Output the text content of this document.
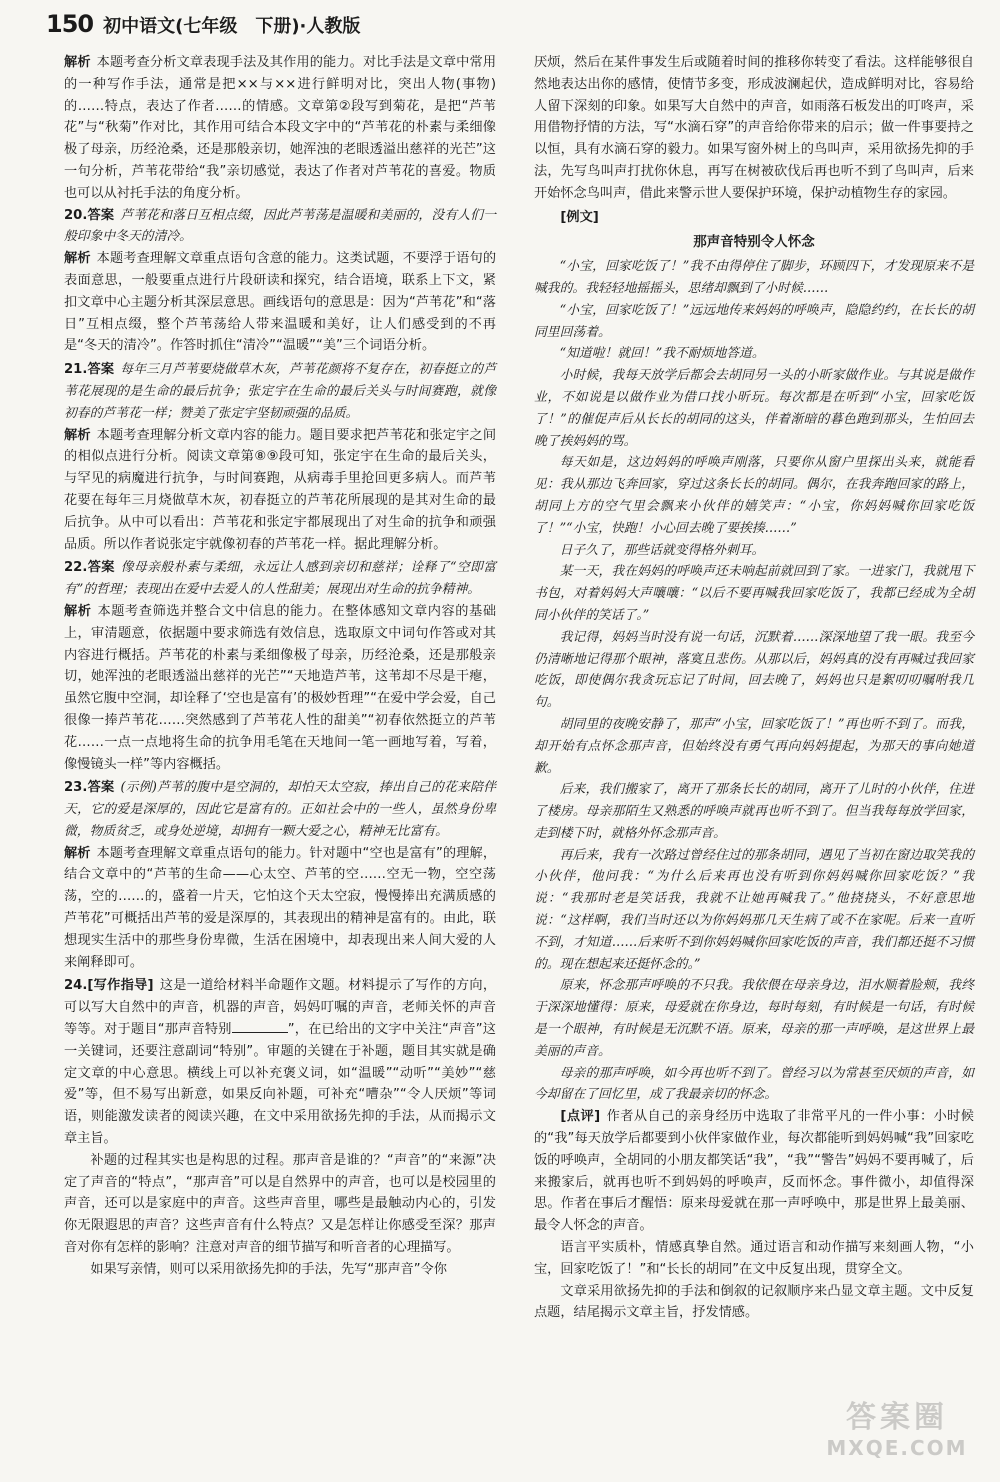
150 初中语文(七年级　下册)·人教版

解析 本题考查分析文章表现手法及其作用的能力。对比手法是文章中常用的一种写作手法，通常是把××与××进行鲜明对比，突出人物(事物)的……特点，表达了作者……的情感。文章第②段写到菊花，是把“芦苇花”与“秋菊”作对比，其作用可结合本段文字中的“芦苇花的朴素与柔细像极了母亲，历经沧桑，还是那般亲切，她浑浊的老眼透溢出慈祥的光芒”这一句分析，芦苇花带给“我”亲切感觉，表达了作者对芦苇花的喜爱。物质也可以从衬托手法的角度分析。

20.答案 芦苇花和落日互相点缀，因此芦苇荡是温暖和美丽的，没有人们一般印象中冬天的清冷。

解析 本题考查理解文章重点语句含意的能力。这类试题，不要浮于语句的表面意思，一般要重点进行片段研读和探究，结合语境，联系上下文，紧扣文章中心主题分析其深层意思。画线语句的意思是：因为“芦苇花”和“落日”互相点缀，整个芦苇荡给人带来温暖和美好，让人们感受到的不再是“冬天的清冷”。作答时抓住“清冷”“温暖”“美”三个词语分析。

21.答案 每年三月芦苇要烧做草木灰，芦苇花颜将不复存在，初春挺立的芦苇花展现的是生命的最后抗争；张定宇在生命的最后关头与时间赛跑，就像初春的芦苇花一样；赞美了张定宇坚韧顽强的品质。

解析 本题考查理解分析文章内容的能力。题目要求把芦苇花和张定宇之间的相似点进行分析。阅读文章第⑧⑨段可知，张定宇在生命的最后关头，与罕见的病魔进行抗争，与时间赛跑，从病毒手里抢回更多病人。而芦苇花要在每年三月烧做草木灰，初春挺立的芦苇花所展现的是其对生命的最后抗争。从中可以看出：芦苇花和张定宇都展现出了对生命的抗争和顽强品质。所以作者说张定宇就像初春的芦苇花一样。据此理解分析。

22.答案 像母亲般朴素与柔细，永远让人感到亲切和慈祥；诠释了“空即富有”的哲理；表现出在爱中去爱人的人性甜美；展现出对生命的抗争精神。

解析 本题考查筛选并整合文中信息的能力。在整体感知文章内容的基础上，审清题意，依据题中要求筛选有效信息，选取原文中词句作答或对其内容进行概括。芦苇花的朴素与柔细像极了母亲，历经沧桑，还是那般亲切，她浑浊的老眼透溢出慈祥的光芒”“天地造芦苇，这苇却不尽是干瘪，虽然它腹中空洞，却诠释了‘空也是富有’的极妙哲理”“在爱中学会爱，自己很像一捧芦苇花……突然感到了芦苇花人性的甜美”“初春依然挺立的芦苇花……一点一点地将生命的抗争用毛笔在天地间一笔一画地写着，写着，像慢镜头一样”等内容概括。

23.答案 (示例)芦苇的腹中是空洞的，却怕天太空寂，捧出自己的花来陪伴天，它的爱是深厚的，因此它是富有的。正如社会中的一些人，虽然身份卑微，物质贫乏，或身处逆境，却拥有一颗大爱之心，精神无比富有。

解析 本题考查理解文章重点语句的能力。针对题中“空也是富有”的理解，结合文章中的“芦苇的生命——心太空、芦苇的空……空无一物，空空荡荡，空的……的，盛着一片天，它怕这个天太空寂，慢慢捧出充满质感的芦苇花”可概括出芦苇的爱是深厚的，其表现出的精神是富有的。由此，联想现实生活中的那些身份卑微，生活在困境中，却表现出来人间大爱的人来阐释即可。

24.[写作指导] 这是一道给材料半命题作文题。材料提示了写作的方向，可以写大自然中的声音，机器的声音，妈妈叮嘱的声音，老师关怀的声音等等。对于题目“那声音特别	”，在已给出的文字中关注“声音”这一关键词，还要注意副词“特别”。审题的关键在于补题，题目其实就是确定文章的中心意思。横线上可以补充褒义词，如“温暖”“动听”“美妙”“慈爱”等，但不易写出新意，如果反向补题，可补充“嘈杂”“令人厌烦”等词语，则能激发读者的阅读兴趣，在文中采用欲扬先抑的手法，从而揭示文章主旨。

补题的过程其实也是构思的过程。那声音是谁的？“声音”的“来源”决定了声音的“特点”，“那声音”可以是自然界中的声音，也可以是校园里的声音，还可以是家庭中的声音。这些声音里，哪些是最触动内心的，引发你无限遐思的声音？这些声音有什么特点？又是怎样让你感受至深？那声音对你有怎样的影响？注意对声音的细节描写和听音者的心理描写。

如果写亲情，则可以采用欲扬先抑的手法，先写“那声音”令你

厌烦，然后在某件事发生后或随着时间的推移你转变了看法。这样能够很自然地表达出你的感情，使情节多变，形成波澜起伏，造成鲜明对比，容易给人留下深刻的印象。如果写大自然中的声音，如雨落石板发出的叮咚声，采用借物抒情的方法，写“水滴石穿”的声音给你带来的启示；做一件事要持之以恒，具有水滴石穿的毅力。如果写窗外树上的鸟叫声，采用欲扬先抑的手法，先写鸟叫声打扰你休息，再写在树被砍伐后再也听不到了鸟叫声，后来开始怀念鸟叫声，借此来警示世人要保护环境，保护动植物生存的家园。

[例文]

那声音特别令人怀念

“小宝，回家吃饭了！”我不由得停住了脚步，环顾四下，才发现原来不是喊我的。我轻轻地摇摇头，思绪却飘到了小时候……

“小宝，回家吃饭了！”远远地传来妈妈的呼唤声，隐隐约约，在长长的胡同里回荡着。

“知道啦！就回！”我不耐烦地答道。

小时候，我每天放学后都会去胡同另一头的小昕家做作业。与其说是做作业，不如说是以做作业为借口找小昕玩。每次都是在听到“小宝，回家吃饭了！”的催促声后从长长的胡同的这头，伴着渐暗的暮色跑到那头，生怕回去晚了挨妈妈的骂。

每天如是，这边妈妈的呼唤声刚落，只要你从窗户里探出头来，就能看见：我从那边飞奔回家，穿过这条长长的胡同。偶尔，在我奔跑回家的路上，胡同上方的空气里会飘来小伙伴的嬉笑声：“小宝，你妈妈喊你回家吃饭了！”“小宝，快跑！小心回去晚了要挨揍……”

日子久了，那些话就变得格外刺耳。

某一天，我在妈妈的呼唤声还未响起前就回到了家。一进家门，我就甩下书包，对着妈妈大声嚷嚷：“以后不要再喊我回家吃饭了，我都已经成为全胡同小伙伴的笑话了。”

我记得，妈妈当时没有说一句话，沉默着……深深地望了我一眼。我至今仍清晰地记得那个眼神，落寞且悲伤。从那以后，妈妈真的没有再喊过我回家吃饭，即使偶尔我贪玩忘记了时间，回去晚了，妈妈也只是絮叨叨嘱咐我几句。

胡同里的夜晚安静了，那声“小宝，回家吃饭了！”再也听不到了。而我，却开始有点怀念那声音，但始终没有勇气再向妈妈提起，为那天的事向她道歉。

后来，我们搬家了，离开了那条长长的胡同，离开了儿时的小伙伴，住进了楼房。母亲那陌生又熟悉的呼唤声就再也听不到了。但当我每每放学回家，走到楼下时，就格外怀念那声音。

再后来，我有一次路过曾经住过的那条胡同，遇见了当初在窗边取笑我的小伙伴，他问我：“为什么后来再也没有听到你妈妈喊你回家吃饭？”我说：“我那时老是笑话我，我就不让她再喊我了。”他挠挠头，不好意思地说：“这样啊，我们当时还以为你妈妈那几天生病了或不在家呢。后来一直听不到，才知道……后来听不到你妈妈喊你回家吃饭的声音，我们都还挺不习惯的。现在想起来还挺怀念的。”

原来，怀念那声呼唤的不只我。我依偎在母亲身边，泪水顺着脸颊，我终于深深地懂得：原来，母爱就在你身边，每时每刻，有时候是一句话，有时候是一个眼神，有时候是无沉默不语。原来，母亲的那一声呼唤，是这世界上最美丽的声音。

母亲的那声呼唤，如今再也听不到了。曾经习以为常甚至厌烦的声音，如今却留在了回忆里，成了我最亲切的怀念。

[点评] 作者从自己的亲身经历中选取了非常平凡的一件小事：小时候的“我”每天放学后都要到小伙伴家做作业，每次都能听到妈妈喊“我”回家吃饭的呼唤声，全胡同的小朋友都笑话“我”，“我”“警告”妈妈不要再喊了，后来搬家后，就再也听不到妈妈的呼唤声，反而怀念。事件微小，却值得深思。作者在事后才醒悟：原来母爱就在那一声呼唤中，那是世界上最美丽、最令人怀念的声音。

语言平实质朴，情感真挚自然。通过语言和动作描写来刻画人物，“小宝，回家吃饭了！”和“长长的胡同”在文中反复出现，贯穿全文。

文章采用欲扬先抑的手法和倒叙的记叙顺序来凸显文章主题。文中反复点题，结尾揭示文章主旨，抒发情感。

答案圈
MXQE.COM
